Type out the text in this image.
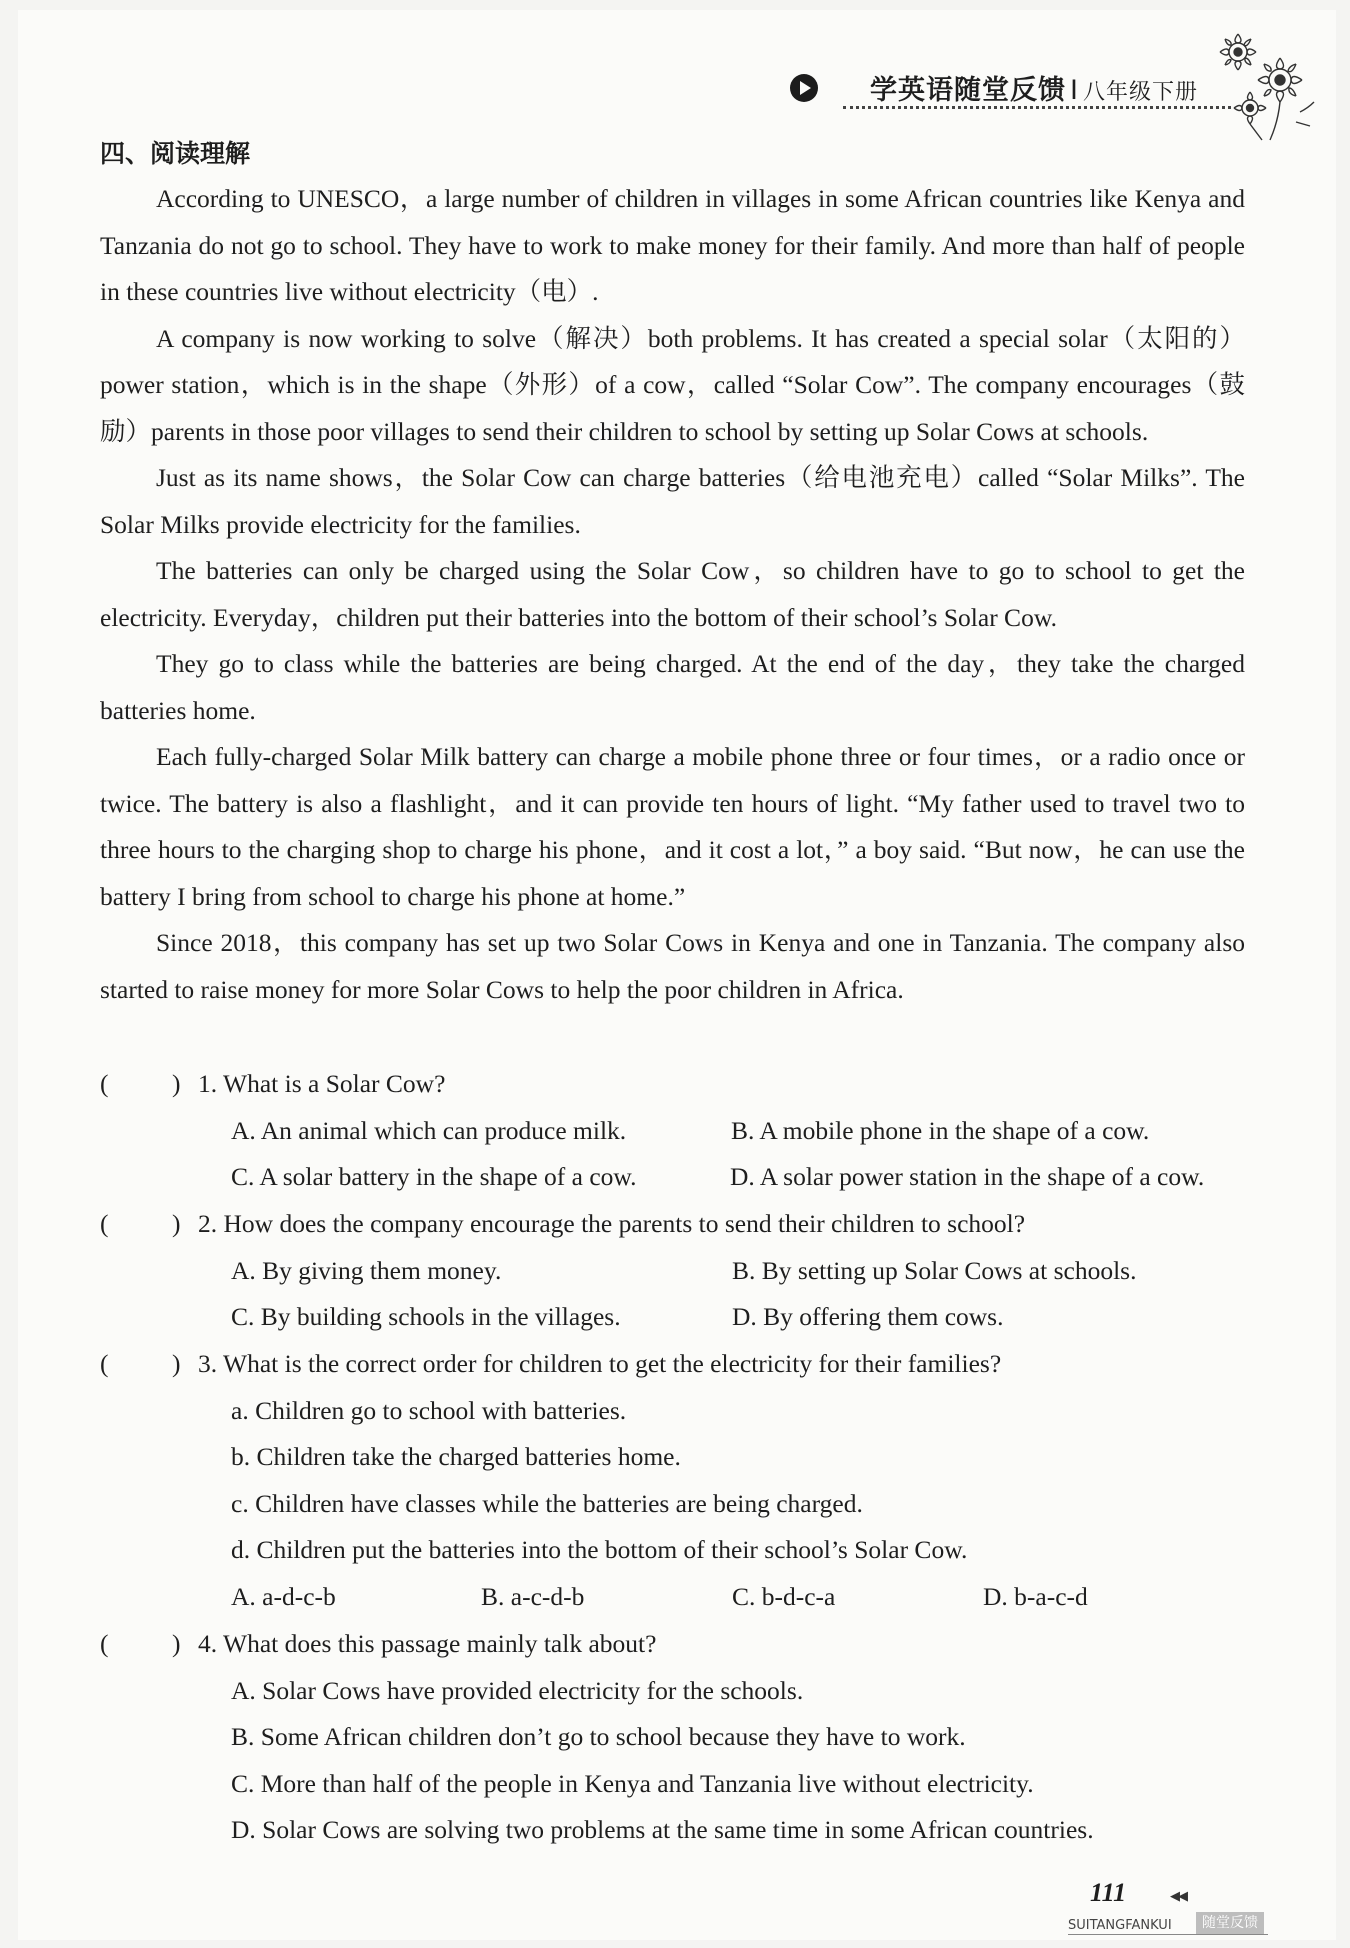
学英语随堂反馈 I 八年级下册
四、阅读理解

According to UNESCO，a large number of children in villages in some African countries like Kenya and Tanzania do not go to school. They have to work to make money for their family. And more than half of people in these countries live without electricity（电）.

A company is now working to solve（解决）both problems. It has created a special solar（太阳的）power station，which is in the shape（外形）of a cow，called “Solar Cow”. The company encourages（鼓励）parents in those poor villages to send their children to school by setting up Solar Cows at schools.

Just as its name shows，the Solar Cow can charge batteries（给电池充电）called “Solar Milks”. The Solar Milks provide electricity for the families.

The batteries can only be charged using the Solar Cow，so children have to go to school to get the electricity. Everyday，children put their batteries into the bottom of their school’s Solar Cow.

They go to class while the batteries are being charged. At the end of the day，they take the charged batteries home.

Each fully-charged Solar Milk battery can charge a mobile phone three or four times，or a radio once or twice. The battery is also a flashlight，and it can provide ten hours of light. “My father used to travel two to three hours to the charging shop to charge his phone，and it cost a lot，” a boy said. “But now，he can use the battery I bring from school to charge his phone at home.”

Since 2018，this company has set up two Solar Cows in Kenya and one in Tanzania. The company also started to raise money for more Solar Cows to help the poor children in Africa.

( ) 1. What is a Solar Cow?
A. An animal which can produce milk.	B. A mobile phone in the shape of a cow.
C. A solar battery in the shape of a cow.	D. A solar power station in the shape of a cow.
( ) 2. How does the company encourage the parents to send their children to school?
A. By giving them money.	B. By setting up Solar Cows at schools.
C. By building schools in the villages.	D. By offering them cows.
( ) 3. What is the correct order for children to get the electricity for their families?
a. Children go to school with batteries.
b. Children take the charged batteries home.
c. Children have classes while the batteries are being charged.
d. Children put the batteries into the bottom of their school’s Solar Cow.
A. a-d-c-b	B. a-c-d-b	C. b-d-c-a	D. b-a-c-d
( ) 4. What does this passage mainly talk about?
A. Solar Cows have provided electricity for the schools.
B. Some African children don’t go to school because they have to work.
C. More than half of the people in Kenya and Tanzania live without electricity.
D. Solar Cows are solving two problems at the same time in some African countries.
111	◀◀
SUITANGFANKUI	随堂反馈
